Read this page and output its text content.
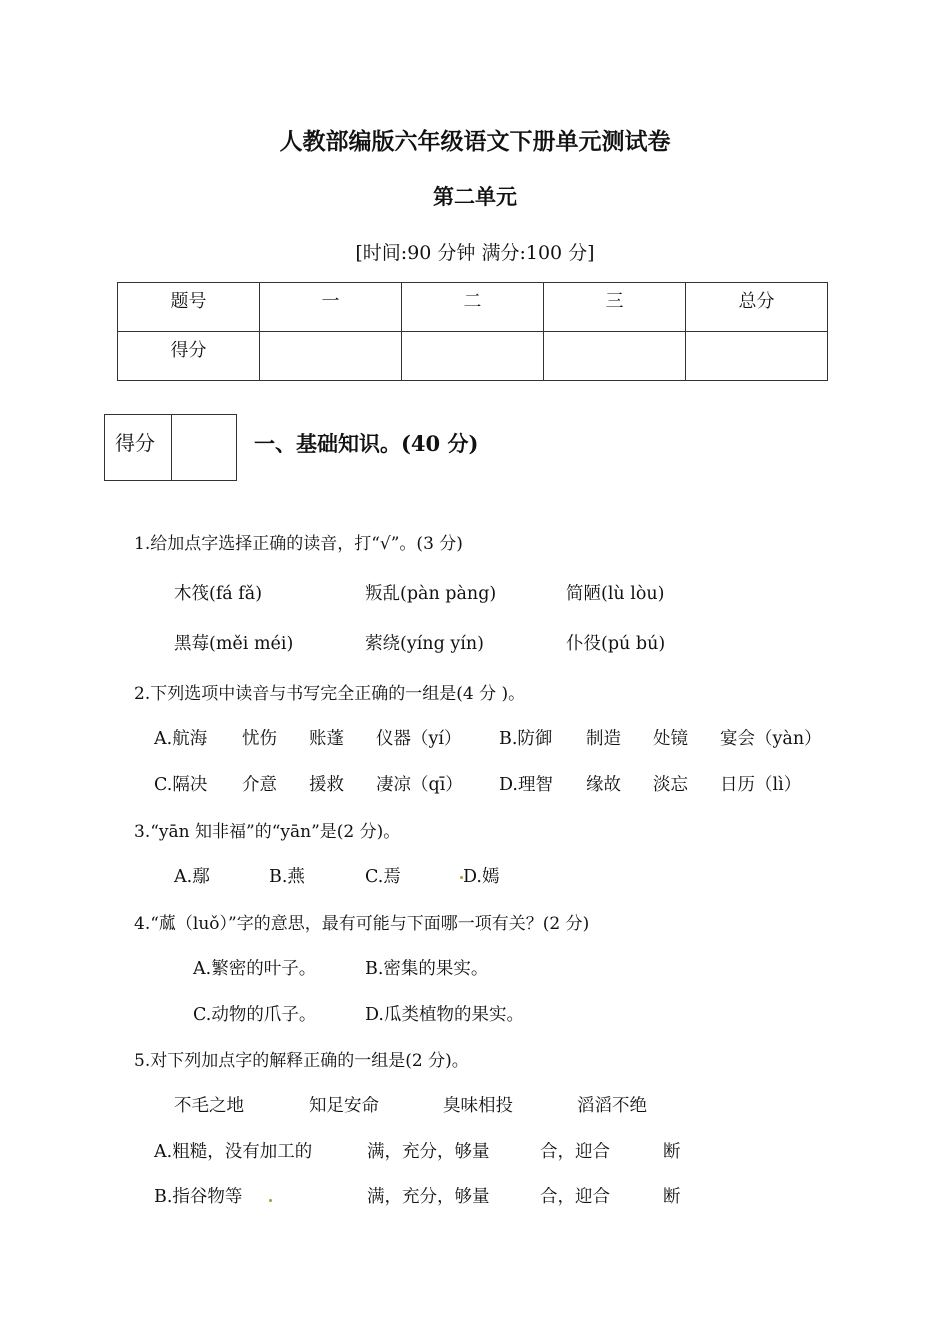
人教部编版六年级语文下册单元测试卷
第二单元
[时间:90 分钟 满分:100 分]
题号	一	二	三	总分
得分				
得分	一、基础知识。(40 分)
1.给加点字选择正确的读音，打“√”。(3 分)
木筏(fá fǎ)	叛乱(pàn pàng)	简陋(lù lòu)
黑莓(měi méi)	萦绕(yíng yín)	仆役(pú bú)
2.下列选项中读音与书写完全正确的一组是(4 分 )。
A.航海 忧伤 账蓬 仪器（yí） B.防御 制造 处镜 宴会（yàn）
C.隔决 介意 援救 凄凉（qī） D.理智 缘故 淡忘 日历（lì）
3.“yān 知非福”的“yān”是(2 分)。
A.鄢	B.燕	C.焉	D.嫣
4.“蓏（luǒ）”字的意思，最有可能与下面哪一项有关？(2 分)
A.繁密的叶子。	B.密集的果实。
C.动物的爪子。	D.瓜类植物的果实。
5.对下列加点字的解释正确的一组是(2 分)。
不毛之地	知足安命	臭味相投	滔滔不绝
A.粗糙，没有加工的	满，充分，够量	合，迎合	断
B.指谷物等	满，充分，够量	合，迎合	断
